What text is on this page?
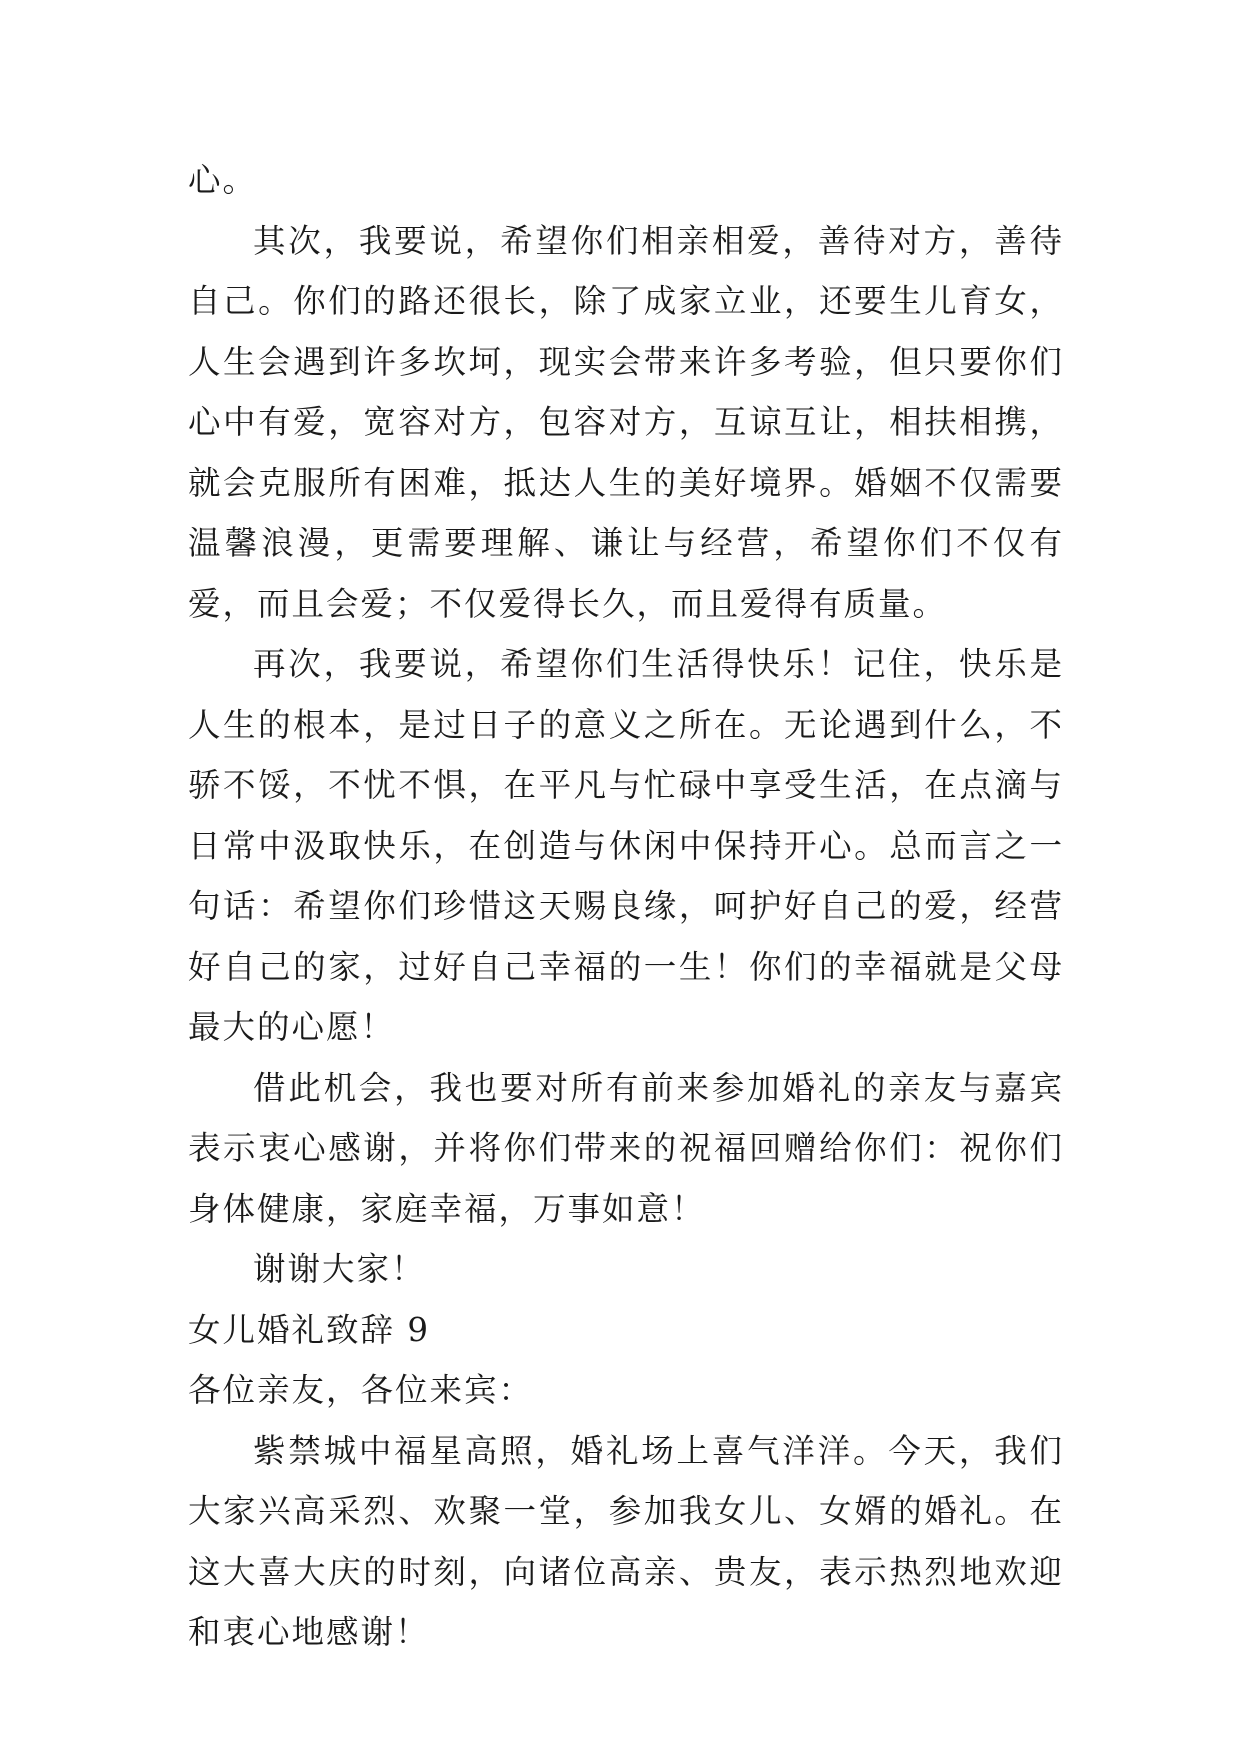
心。

其次，我要说，希望你们相亲相爱，善待对方，善待自己。你们的路还很长，除了成家立业，还要生儿育女，人生会遇到许多坎坷，现实会带来许多考验，但只要你们心中有爱，宽容对方，包容对方，互谅互让，相扶相携，就会克服所有困难，抵达人生的美好境界。婚姻不仅需要温馨浪漫，更需要理解、谦让与经营，希望你们不仅有爱，而且会爱；不仅爱得长久，而且爱得有质量。

再次，我要说，希望你们生活得快乐！记住，快乐是人生的根本，是过日子的意义之所在。无论遇到什么，不骄不馁，不忧不惧，在平凡与忙碌中享受生活，在点滴与日常中汲取快乐，在创造与休闲中保持开心。总而言之一句话：希望你们珍惜这天赐良缘，呵护好自己的爱，经营好自己的家，过好自己幸福的一生！你们的幸福就是父母最大的心愿！

借此机会，我也要对所有前来参加婚礼的亲友与嘉宾表示衷心感谢，并将你们带来的祝福回赠给你们：祝你们身体健康，家庭幸福，万事如意！

谢谢大家！

女儿婚礼致辞 9

各位亲友，各位来宾：

紫禁城中福星高照，婚礼场上喜气洋洋。今天，我们大家兴高采烈、欢聚一堂，参加我女儿、女婿的婚礼。在这大喜大庆的时刻，向诸位高亲、贵友，表示热烈地欢迎和衷心地感谢！
